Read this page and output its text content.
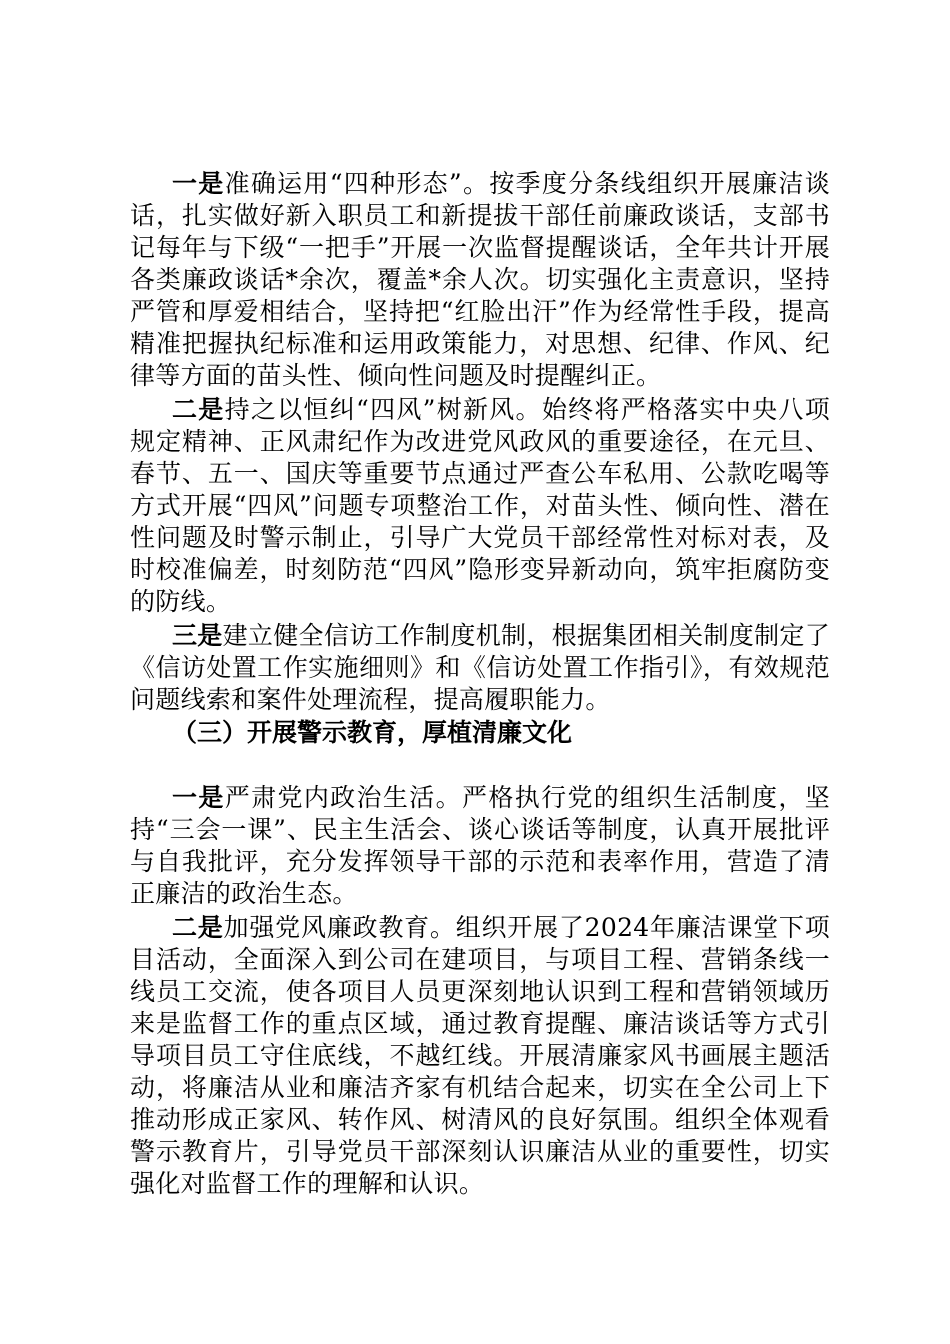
一是准确运用“四种形态”。按季度分条线组织开展廉洁谈话，扎实做好新入职员工和新提拔干部任前廉政谈话，支部书记每年与下级“一把手”开展一次监督提醒谈话，全年共计开展各类廉政谈话*余次，覆盖*余人次。切实强化主责意识，坚持严管和厚爱相结合，坚持把“红脸出汗”作为经常性手段，提高精准把握执纪标准和运用政策能力，对思想、纪律、作风、纪律等方面的苗头性、倾向性问题及时提醒纠正。

二是持之以恒纠“四风”树新风。始终将严格落实中央八项规定精神、正风肃纪作为改进党风政风的重要途径，在元旦、春节、五一、国庆等重要节点通过严查公车私用、公款吃喝等方式开展“四风”问题专项整治工作，对苗头性、倾向性、潜在性问题及时警示制止，引导广大党员干部经常性对标对表，及时校准偏差，时刻防范“四风”隐形变异新动向，筑牢拒腐防变的防线。

三是建立健全信访工作制度机制，根据集团相关制度制定了《信访处置工作实施细则》和《信访处置工作指引》，有效规范问题线索和案件处理流程，提高履职能力。

（三）开展警示教育，厚植清廉文化

一是严肃党内政治生活。严格执行党的组织生活制度，坚持“三会一课”、民主生活会、谈心谈话等制度，认真开展批评与自我批评，充分发挥领导干部的示范和表率作用，营造了清正廉洁的政治生态。

二是加强党风廉政教育。组织开展了2024年廉洁课堂下项目活动，全面深入到公司在建项目，与项目工程、营销条线一线员工交流，使各项目人员更深刻地认识到工程和营销领域历来是监督工作的重点区域，通过教育提醒、廉洁谈话等方式引导项目员工守住底线，不越红线。开展清廉家风书画展主题活动，将廉洁从业和廉洁齐家有机结合起来，切实在全公司上下推动形成正家风、转作风、树清风的良好氛围。组织全体观看警示教育片，引导党员干部深刻认识廉洁从业的重要性，切实强化对监督工作的理解和认识。
